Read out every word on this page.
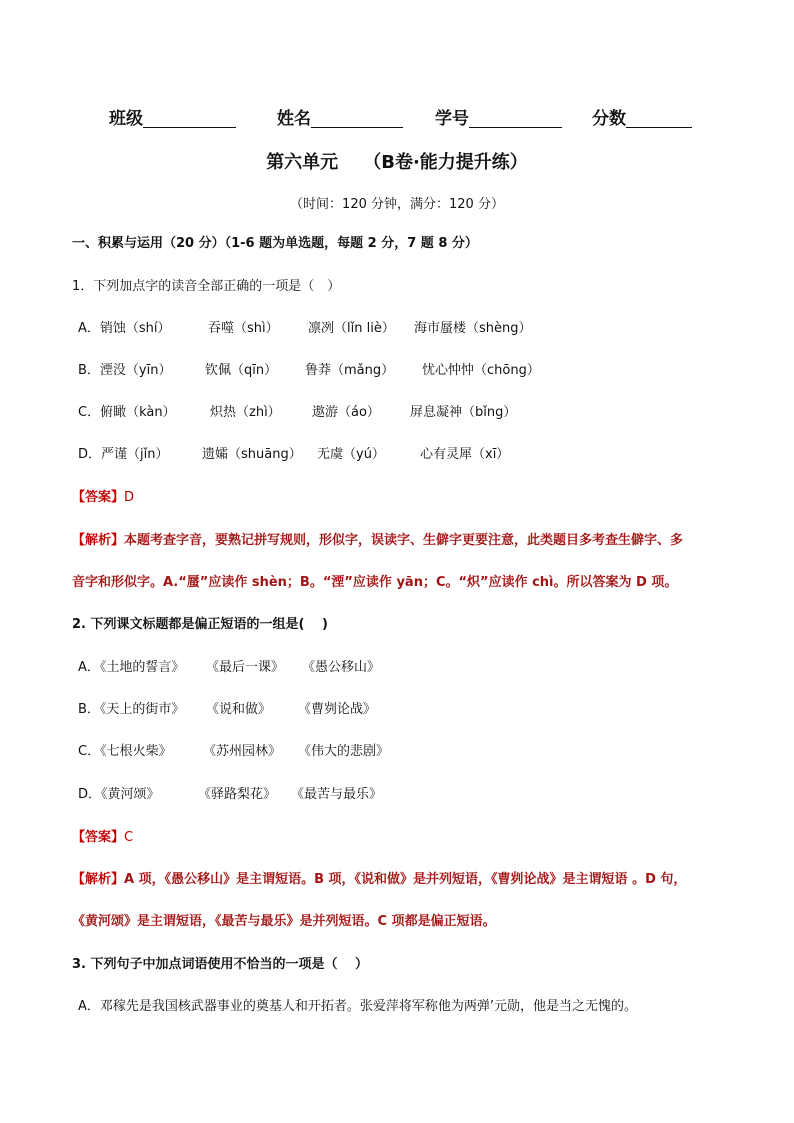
班级	姓名	学号	分数
第六单元    （B卷·能力提升练）
（时间：120 分钟，满分：120 分）
一、积累与运用（20 分）（1-6 题为单选题，每题 2 分，7 题 8 分）
1．下列加点字的读音全部正确的一项是（　）
A．销蚀（shí）	吞噬（shì） 凛冽（lǐn liè） 海市蜃楼（shèng）
B．湮没（yīn）	钦佩（qīn） 鲁莽（mǎng） 忧心忡忡（chōng）
C．俯瞰（kàn）	炽热（zhì） 遨游（áo） 屏息凝神（bǐng）
D．严谨（jǐn）	遗孀（shuāng） 无虞（yú）	心有灵犀（xī）
【答案】D
【解析】本题考查字音，要熟记拼写规则，形似字，误读字、生僻字更要注意，此类题目多考查生僻字、多
音字和形似字。A.“蜃”应读作 shèn；B。“湮”应读作 yān；C。“炽”应读作 chì。所以答案为 D 项。
2. 下列课文标题都是偏正短语的一组是(　 )
A．《土地的誓言》 《最后一课》 《愚公移山》
B．《天上的街市》 《说和做》 《曹刿论战》
C．《七根火柴》 《苏州园林》 《伟大的悲剧》
D．《黄河颂》	《驿路梨花》 《最苦与最乐》
【答案】C
【解析】A 项，《愚公移山》是主谓短语。B 项，《说和做》是并列短语，《曹刿论战》是主谓短语 。D 句，
《黄河颂》是主谓短语，《最苦与最乐》是并列短语。C 项都是偏正短语。
3. 下列句子中加点词语使用不恰当的一项是（　 ）
A．邓稼先是我国核武器事业的奠基人和开拓者。张爱萍将军称他为两弹’元勋，他是当之无愧的。
